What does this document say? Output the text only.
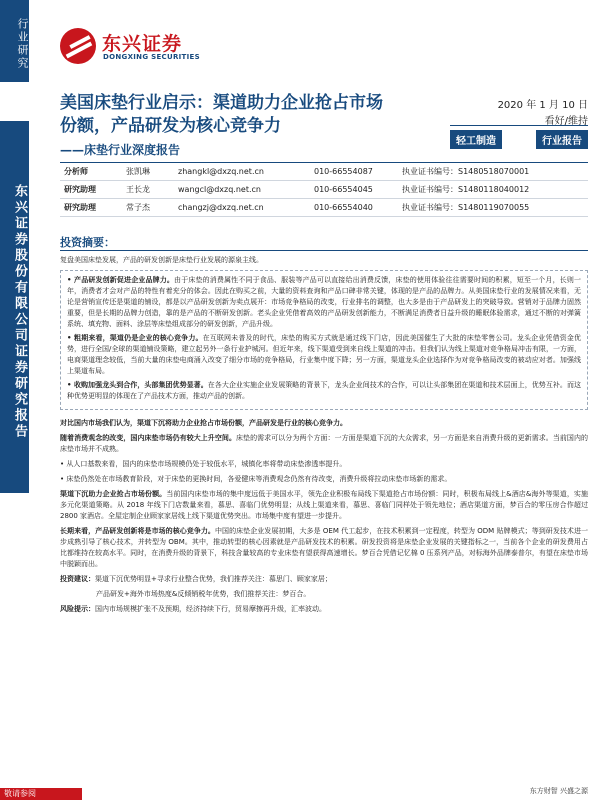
行业研究
东兴证券股份有限公司证券研究报告
东兴证券
DONGXING SECURITIES
美国床垫行业启示：渠道助力企业抢占市场份额，产品研发为核心竞争力
——床垫行业深度报告
2020 年 1 月 10 日
看好/维持
轻工制造	行业报告
分析师	张凯琳	zhangkl@dxzq.net.cn	010-66554087	执业证书编号：S1480518070001
研究助理	王长龙	wangcl@dxzq.net.cn	010-66554045	执业证书编号：S1480118040012
研究助理	常子杰	changzj@dxzq.net.cn	010-66554040	执业证书编号：S1480119070055
投资摘要：

复盘美国床垫发展，产品的研发创新是床垫行业发展的源泉主线。

• 产品研发创新促进企业品牌力。由于床垫的消费属性不同于食品、服装等产品可以直接给出消费反馈，床垫的使用体验往往需要时间的积累，短至一个月，长则一年，消费者才会对产品的特性有着充分的体会。因此在购买之前，大量的资料查询和产品口碑非常关键，体现的是产品的品牌力。从美国床垫行业的发展情况来看，无论是营销宣传还是渠道的铺设，都是以产品研发创新为卖点展开：市场竞争格局的改变，行业排名的调整，也大多是由于产品研发上的突破导致。营销对于品牌力固然重要，但是长期的品牌力创造，靠的是产品的不断研发创新。老头企业凭借着高效的产品研发创新能力，不断满足消费者日益升级的睡眠体验需求，通过不断的对弹簧系统、填充物、面料、涂层等床垫组成部分的研发创新，产品升级。

• 粗期来看，渠道仍是企业的核心竞争力。在互联网未普及的时代，床垫的购买方式就是通过线下门店，因此美国催生了大批的床垫零售公司。龙头企业凭借资金优势，进行全国/全球的渠道铺设策略，建立起另外一条行业护城河。但近年来，线下渠道受到来自线上渠道的冲击。但我们认为线上渠道对竞争格局冲击有限，一方面，电商渠道理念较低，当前大量的床垫电商涌入改变了细分市场的竞争格局，行业集中度下降；另一方面，渠道龙头企业选择作为对竞争格局改变的被动应对者。加强线上渠道布局。

• 收购加强龙头到合作，头部集团优势显著。在各大企业实施企业发展策略的背景下，龙头企业间技术的合作，可以让头部集团在渠道和技术层面上，优势互补。而这种优势更明显的体现在了产品技术方面，推动产品的创新。

对比国内市场我们认为，渠道下沉将助力企业抢占市场份额，产品研发是行业的核心竞争力。

随着消费观念的改变，国内床垫市场仍有较大上升空间。床垫的需求可以分为两个方面：一方面是渠道下沉的大众需求，另一方面是来自消费升级的更新需求。当前国内的床垫市场并不成熟。

• 从人口基数来看，国内的床垫市场规模仍处于较低水平，城镇化率将带动床垫渗透率提升。

• 床垫仍然处在市场教育阶段，对于床垫的更换时间，各爱健床等消费观念仍然有待改变，消费升级将拉动床垫市场新的需求。

渠道下沉助力企业抢占市场份额。当前国内床垫市场的集中度远低于美国水平，领先企业积极布局线下渠道抢占市场份额：同时，积极布局线上&酒店&海外等渠道，实施多元化渠道策略。从 2018 年线下门店数量来看，慕思、喜临门优势明显；从线上渠道来看，慕思、喜临门同样处于领先地位；酒店渠道方面，梦百合的零压房合作超过 2800 家酒店。全屋定制企业顾家家居线上线下渠道优势突出。市场集中度有望进一步提升。

长期来看，产品研发创新将是市场的核心竞争力。中国的床垫企业发展初期，大多是 OEM 代工起步，在技术积累到一定程度，转型为 ODM 贴牌模式；等到研发技术进一步成熟引导了核心技术，并转型为 OBM。其中，推动转型的核心因素就是产品研发技术的积累。研发投资将是床垫企业发展的关键指标之一，当前各个企业的研发费用占比都维持在较高水平。同时，在消费升级的背景下，科技含量较高的专业床垫有望获得高速增长。梦百合凭借记忆棉 0 压系列产品，对标海外品牌泰普尔，有望在床垫市场中脱颖而出。

投资建议：渠道下沉优势明显+寻求行业整合优势，我们推荐关注：慕思门、顾家家居；

产品研发+海外市场热度&反倾销税年优势，我们推荐关注：梦百合。

风险提示：国内市场规模扩张不及预期，经济持续下行，贸易摩擦再升级，汇率波动。

敬请参阅	东方财智 兴盛之源
